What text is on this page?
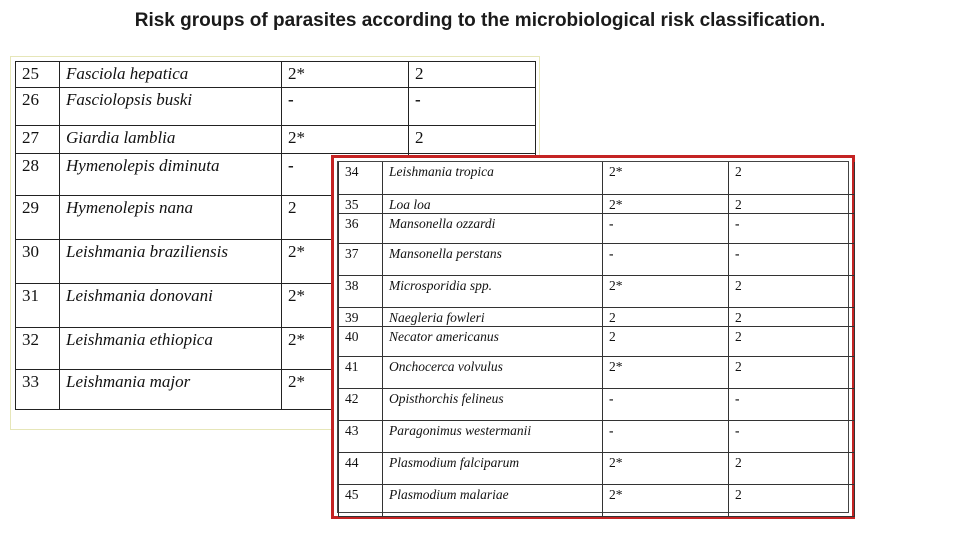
Risk groups of parasites according to the microbiological risk classification.
25	Fasciola hepatica	2*	2
26	Fasciolopsis buski	-	-
27	Giardia lamblia	2*	2
28	Hymenolepis diminuta	-	
29	Hymenolepis nana	2	
30	Leishmania braziliensis	2*	
31	Leishmania donovani	2*	
32	Leishmania ethiopica	2*	
33	Leishmania major	2*	
34	Leishmania tropica	2*	2
35	Loa loa	2*	2
36	Mansonella ozzardi	-	-
37	Mansonella perstans	-	-
38	Microsporidia spp.	2*	2
39	Naegleria fowleri	2	2
40	Necator americanus	2	2
41	Onchocerca volvulus	2*	2
42	Opisthorchis felineus	-	-
43	Paragonimus westermanii	-	-
44	Plasmodium falciparum	2*	2
45	Plasmodium malariae	2*	2
